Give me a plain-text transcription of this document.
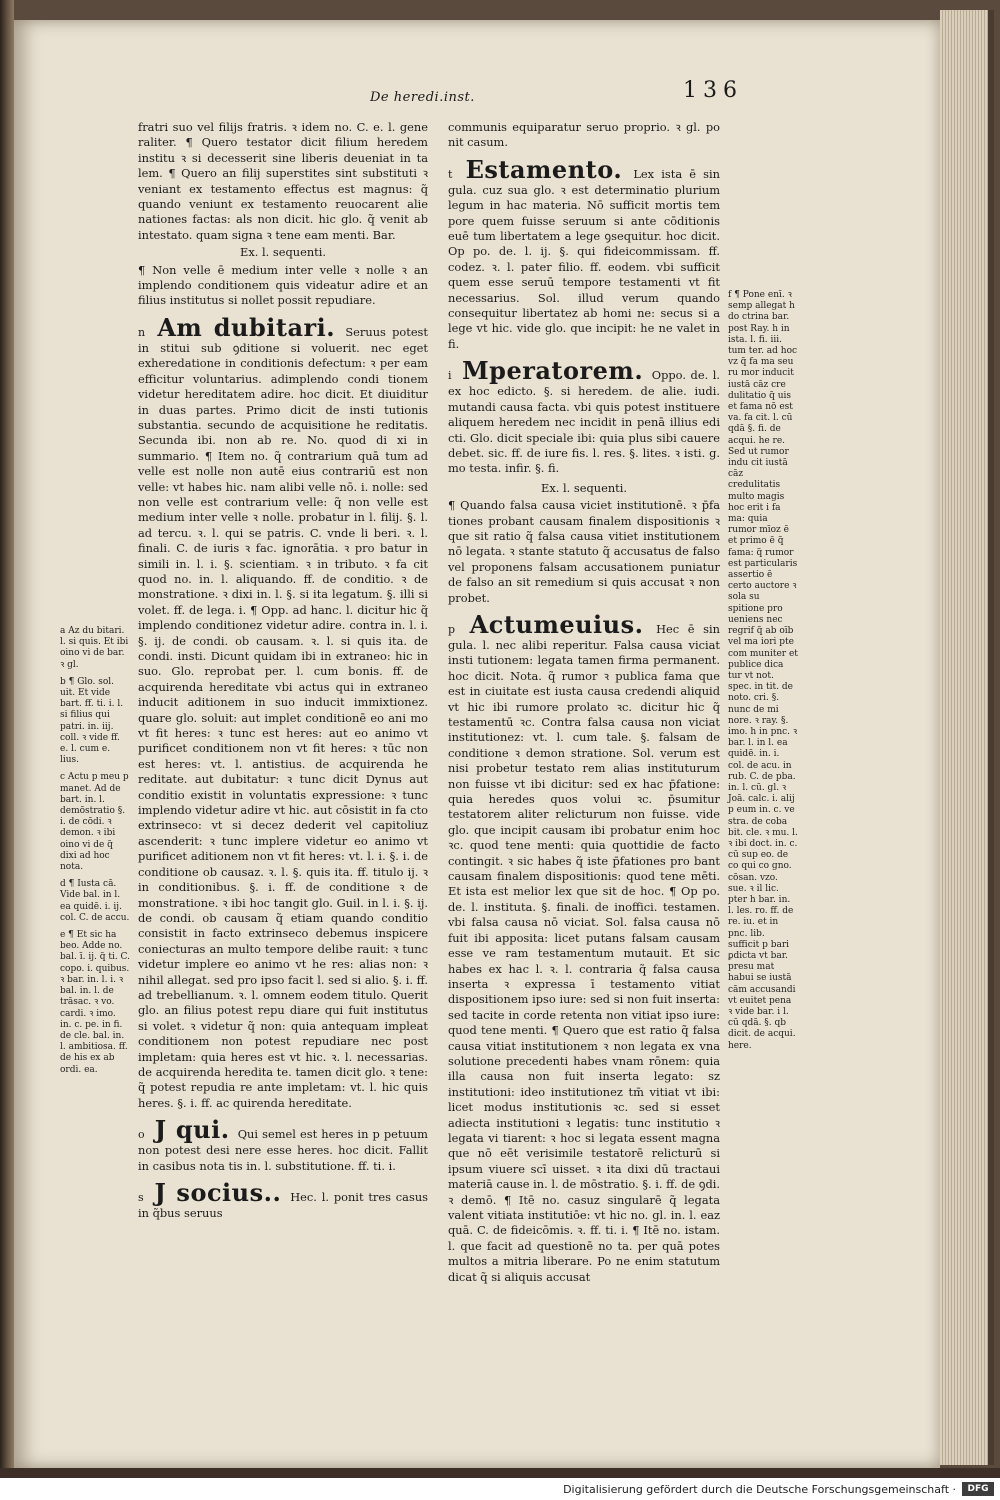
De heredi.inst.	136

fratri suo vel filijs fratris. ꝛ idem no. C. e. l. gene raliter. ¶ Quero testator dicit filium heredem institu ꝛ si decesserit sine liberis deueniat in ta lem. ¶ Quero an filij superstites sint substituti ꝛ veniant ex testamento effectus est magnus: q̃ quando veniunt ex testamento reuocarent alie nationes factas: als non dicit. hic glo. q̃ venit ab intestato. quam signa ꝛ tene eam menti. Bar.

Ex. l. sequenti.

¶ Non velle ē medium inter velle ꝛ nolle ꝛ an implendo conditionem quis videatur adire et an filius institutus si nollet possit repudiare.

n Am dubitari. Seruus potest in stitui sub ꝯditione si voluerit. nec eget exheredatione in conditionis defectum: ꝛ per eam efficitur voluntarius. adimplendo condi tionem videtur hereditatem adire. hoc dicit. Et diuiditur in duas partes. Primo dicit de insti tutionis substantia. secundo de acquisitione he reditatis. Secunda ibi. non ab re. No. quod di xi in summario. ¶ Item no. q̃ contrarium quā tum ad velle est nolle non autē eius contrariū est non velle: vt habes hic. nam alibi velle nō. i. nolle: sed non velle est contrarium velle: q̃ non velle est medium inter velle ꝛ nolle. probatur in l. filij. §. l. ad tercu. ꝛ. l. qui se patris. C. vnde li beri. ꝛ. l. finali. C. de iuris ꝛ fac. ignorātia. ꝛ pro batur in simili in. l. i. §. scientiam. ꝛ in tributo. ꝛ fa cit quod no. in. l. aliquando. ff. de conditio. ꝛ de monstratione. ꝛ dixi in. l. §. si ita legatum. §. illi si volet. ff. de lega. i. ¶ Opp. ad hanc. l. dicitur hic q̃ implendo conditionez videtur adire. contra in. l. i. §. ij. de condi. ob causam. ꝛ. l. si quis ita. de condi. insti. Dicunt quidam ibi in extraneo: hic in suo. Glo. reprobat per. l. cum bonis. ff. de acquirenda hereditate vbi actus qui in extraneo inducit aditionem in suo inducit immixtionez. quare glo. soluit: aut implet conditionē eo ani mo vt fit heres: ꝛ tunc est heres: aut eo animo vt purificet conditionem non vt fit heres: ꝛ tūc non est heres: vt. l. antistius. de acquirenda he reditate. aut dubitatur: ꝛ tunc dicit Dynus aut conditio existit in voluntatis expressione: ꝛ tunc implendo videtur adire vt hic. aut cōsistit in fa cto extrinseco: vt si decez dederit vel capitoliuz ascenderit: ꝛ tunc implere videtur eo animo vt purificet aditionem non vt fit heres: vt. l. i. §. i. de conditione ob causaz. ꝛ. l. §. quis ita. ff. titulo ij. ꝛ in conditionibus. §. i. ff. de conditione ꝛ de monstratione. ꝛ ibi hoc tangit glo. Guil. in l. i. §. ij. de condi. ob causam q̃ etiam quando conditio consistit in facto extrinseco debemus inspicere coniecturas an multo tempore delibe rauit: ꝛ tunc videtur implere eo animo vt he res: alias non: ꝛ nihil allegat. sed pro ipso facit l. sed si alio. §. i. ff. ad trebellianum. ꝛ. l. omnem eodem titulo. Querit glo. an filius potest repu diare qui fuit institutus si volet. ꝛ videtur q̃ non: quia antequam impleat conditionem non potest repudiare nec post impletam: quia heres est vt hic. ꝛ. l. necessarias. de acquirenda heredita te. tamen dicit glo. ꝛ tene: q̃ potest repudia re ante impletam: vt. l. hic quis heres. §. i. ff. ac quirenda hereditate.
o J qui. Qui semel est heres in p petuum non potest desi nere esse heres. hoc dicit. Fallit in casibus nota tis in. l. substitutione. ff. ti. i.
s J socius.. Hec. l. ponit tres casus in q̃bus seruus

communis equiparatur seruo proprio. ꝛ gl. po nit casum.

t Estamento. Lex ista ē sin gula. cuz sua glo. ꝛ est determinatio plurium legum in hac materia. Nō sufficit mortis tem pore quem fuisse seruum si ante cōditionis euē tum libertatem a lege ꝯsequitur. hoc dicit. Op po. de. l. ij. §. qui fideicommissam. ff. codez. ꝛ. l. pater filio. ff. eodem. vbi sufficit quem esse seruū tempore testamenti vt fit necessarius. Sol. illud verum quando consequitur libertatez ab homi ne: secus si a lege vt hic. vide glo. que incipit: he ne valet in fi.
i Mperatorem. Oppo. de. l. ex hoc edicto. §. si heredem. de alie. iudi. mutandi causa facta. vbi quis potest instituere aliquem heredem nec incidit in penā illius edi cti. Glo. dicit speciale ibi: quia plus sibi cauere debet. sic. ff. de iure fis. l. res. §. lites. ꝛ isti. g. mo testa. infir. §. fi.

Ex. l. sequenti.

¶ Quando falsa causa viciet institutionē. ꝛ p̄fa tiones probant causam finalem dispositionis ꝛ que sit ratio q̃ falsa causa vitiet institutionem nō legata. ꝛ stante statuto q̃ accusatus de falso vel proponens falsam accusationem puniatur de falso an sit remedium si quis accusat ꝛ non probet.

p Actumeuius. Hec ē sin gula. l. nec alibi reperitur. Falsa causa viciat insti tutionem: legata tamen firma permanent. hoc dicit. Nota. q̃ rumor ꝛ publica fama que est in ciuitate est iusta causa credendi aliquid vt hic ibi rumore prolato ꝛc. dicitur hic q̃ testamentū ꝛc. Contra falsa causa non viciat institutionez: vt. l. cum tale. §. falsam de conditione ꝛ demon stratione. Sol. verum est nisi probetur testato rem alias instituturum non fuisse vt ibi dicitur: sed ex hac p̄fatione: quia heredes quos volui ꝛc. p̄sumitur testatorem aliter relicturum non fuisse. vide glo. que incipit causam ibi probatur enim hoc ꝛc. quod tene menti: quia quottidie de facto contingit. ꝛ sic habes q̃ iste p̄fationes pro bant causam finalem dispositionis: quod tene mēti. Et ista est melior lex que sit de hoc. ¶ Op po. de. l. instituta. §. finali. de inoffici. testamen. vbi falsa causa nō viciat. Sol. falsa causa nō fuit ibi apposita: licet putans falsam causam esse ve ram testamentum mutauit. Et sic habes ex hac l. ꝛ. l. contraria q̃ falsa causa inserta ꝛ expressa ī testamento vitiat dispositionem ipso iure: sed si non fuit inserta: sed tacite in corde retenta non vitiat ipso iure: quod tene menti. ¶ Quero que est ratio q̃ falsa causa vitiat institutionem ꝛ non legata ex vna solutione precedenti habes vnam rōnem: quia illa causa non fuit inserta legato: sz institutioni: ideo institutionez tm̄ vitiat vt ibi: licet modus institutionis ꝛc. sed si esset adiecta institutioni ꝛ legatis: tunc institutio ꝛ legata vi tiarent: ꝛ hoc si legata essent magna que nō eēt verisimile testatorē relicturū si ipsum viuere scī uisset. ꝛ ita dixi dū tractaui materiā cause in. l. de mōstratio. §. i. ff. de ꝯdi. ꝛ demō. ¶ Itē no. casuz singularē q̃ legata valent vitiata institutiōe: vt hic no. gl. in. l. eaz quā. C. de fideicōmis. ꝛ. ff. ti. i. ¶ Itē no. istam. l. que facit ad questionē no ta. per quā potes multos a mitria liberare. Po ne enim statutum dicat q̃ si aliquis accusat

a Az du bitari. l. si quis. Et ibi oino vi de bar. ꝛ gl.

b ¶ Glo. sol. uit. Et vide bart. ff. ti. i. l. si filius qui patri. in. iij. coll. ꝛ vide ff. e. l. cum e. lius.

c Actu p meu p manet. Ad de bart. in. l. demōstratio §. i. de cōdi. ꝛ demon. ꝛ ibi oino vi de q̃ dixi ad hoc nota.

d ¶ Iusta cā. Vide bal. in l. ea quidē. i. ij. col. C. de accu.

e ¶ Et sic ha beo. Adde no. bal. ī. ij. q̃ ti. C. copo. i. quibus. ꝛ bar. in. l. i. ꝛ bal. in. l. de trāsac. ꝛ vo. cardi. ꝛ imo. in. c. pe. in fi. de cle. bal. in. l. ambitiosa. ff. de his ex ab ordi. ea.

f ¶ Pone enī. ꝛ semp allegat h do ctrina bar. post Ray. h in ista. l. fi. iii. tum ter. ad hoc vz q̃ fa ma seu ru mor inducit iustā cāz cre dulitatio q̃ uis et fama nō est va. fa cit. l. cū qdā §. fi. de acqui. he re. Sed ut rumor indu cit iustā cāz credulitatis multo magis hoc erit i fa ma: quia rumor mīoz ē et primo ē q̃ fama: q̃ rumor est particularis assertio ē certo auctore ꝛ sola su spitione pro ueniens nec regrif q̃ ab oīb vel ma iori pte com muniter et publice dica tur vt not. spec. in tit. de noto. cri. §. nunc de mi nore. ꝛ ray. §. imo. h in pnc. ꝛ bar. l. in l. ea quidē. in. i. col. de acu. in rub. C. de pba. in. l. cū. gl. ꝛ Joā. calc. i. alij p eum in. c. ve stra. de coba bit. cle. ꝛ mu. l. ꝛ ibi doct. in. c. cū sup eo. de co qui co gno. cōsan. vzo. sue. ꝛ il lic. pter h bar. in. l. les. ro. ff. de re. iu. et in pnc. lib. sufficit p bari ꝑdicta vt bar. presu mat habui se iustā cām accusandi vt euitet pena ꝛ vide bar. i l. cū qdā. §. qb dicit. de acqui. here.

Digitalisierung gefördert durch die Deutsche Forschungsgemeinschaft ·	DFG
